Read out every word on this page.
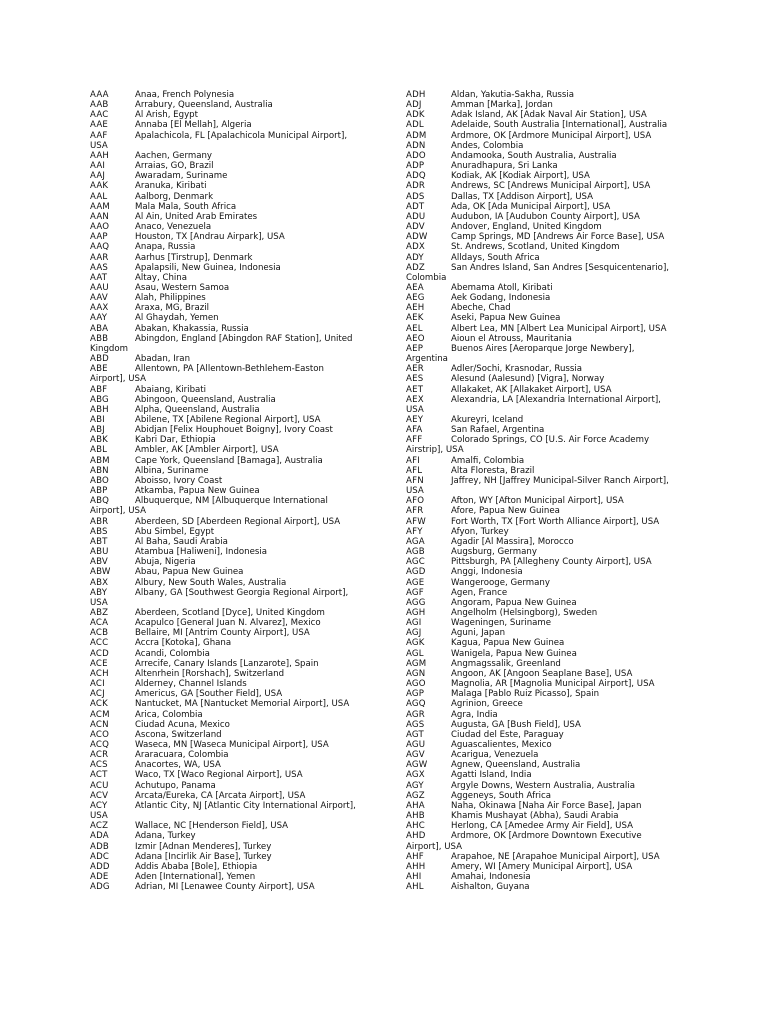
AAA	Anaa, French Polynesia
AAB	Arrabury, Queensland, Australia
AAC	Al Arish, Egypt
AAE	Annaba [El Mellah], Algeria
AAF	Apalachicola, FL [Apalachicola Municipal Airport],
USA
AAH	Aachen, Germany
AAI	Arraias, GO, Brazil
AAJ	Awaradam, Suriname
AAK	Aranuka, Kiribati
AAL	Aalborg, Denmark
AAM	Mala Mala, South Africa
AAN	Al Ain, United Arab Emirates
AAO	Anaco, Venezuela
AAP	Houston, TX [Andrau Airpark], USA
AAQ	Anapa, Russia
AAR	Aarhus [Tirstrup], Denmark
AAS	Apalapsili, New Guinea, Indonesia
AAT	Altay, China
AAU	Asau, Western Samoa
AAV	Alah, Philippines
AAX	Araxa, MG, Brazil
AAY	Al Ghaydah, Yemen
ABA	Abakan, Khakassia, Russia
ABB	Abingdon, England [Abingdon RAF Station], United
Kingdom
ABD	Abadan, Iran
ABE	Allentown, PA [Allentown-Bethlehem-Easton
Airport], USA
ABF	Abaiang, Kiribati
ABG	Abingoon, Queensland, Australia
ABH	Alpha, Queensland, Australia
ABI	Abilene, TX [Abilene Regional Airport], USA
ABJ	Abidjan [Felix Houphouet Boigny], Ivory Coast
ABK	Kabri Dar, Ethiopia
ABL	Ambler, AK [Ambler Airport], USA
ABM	Cape York, Queensland [Bamaga], Australia
ABN	Albina, Suriname
ABO	Aboisso, Ivory Coast
ABP	Atkamba, Papua New Guinea
ABQ	Albuquerque, NM [Albuquerque International
Airport], USA
ABR	Aberdeen, SD [Aberdeen Regional Airport], USA
ABS	Abu Simbel, Egypt
ABT	Al Baha, Saudi Arabia
ABU	Atambua [Haliweni], Indonesia
ABV	Abuja, Nigeria
ABW	Abau, Papua New Guinea
ABX	Albury, New South Wales, Australia
ABY	Albany, GA [Southwest Georgia Regional Airport],
USA
ABZ	Aberdeen, Scotland [Dyce], United Kingdom
ACA	Acapulco [General Juan N. Alvarez], Mexico
ACB	Bellaire, MI [Antrim County Airport], USA
ACC	Accra [Kotoka], Ghana
ACD	Acandi, Colombia
ACE	Arrecife, Canary Islands [Lanzarote], Spain
ACH	Altenrhein [Rorshach], Switzerland
ACI	Alderney, Channel Islands
ACJ	Americus, GA [Souther Field], USA
ACK	Nantucket, MA [Nantucket Memorial Airport], USA
ACM	Arica, Colombia
ACN	Ciudad Acuna, Mexico
ACO	Ascona, Switzerland
ACQ	Waseca, MN [Waseca Municipal Airport], USA
ACR	Araracuara, Colombia
ACS	Anacortes, WA, USA
ACT	Waco, TX [Waco Regional Airport], USA
ACU	Achutupo, Panama
ACV	Arcata/Eureka, CA [Arcata Airport], USA
ACY	Atlantic City, NJ [Atlantic City International Airport],
USA
ACZ	Wallace, NC [Henderson Field], USA
ADA	Adana, Turkey
ADB	Izmir [Adnan Menderes], Turkey
ADC	Adana [Incirlik Air Base], Turkey
ADD	Addis Ababa [Bole], Ethiopia
ADE	Aden [International], Yemen
ADG	Adrian, MI [Lenawee County Airport], USA
ADH	Aldan, Yakutia-Sakha, Russia
ADJ	Amman [Marka], Jordan
ADK	Adak Island, AK [Adak Naval Air Station], USA
ADL	Adelaide, South Australia [International], Australia
ADM	Ardmore, OK [Ardmore Municipal Airport], USA
ADN	Andes, Colombia
ADO	Andamooka, South Australia, Australia
ADP	Anuradhapura, Sri Lanka
ADQ	Kodiak, AK [Kodiak Airport], USA
ADR	Andrews, SC [Andrews Municipal Airport], USA
ADS	Dallas, TX [Addison Airport], USA
ADT	Ada, OK [Ada Municipal Airport], USA
ADU	Audubon, IA [Audubon County Airport], USA
ADV	Andover, England, United Kingdom
ADW	Camp Springs, MD [Andrews Air Force Base], USA
ADX	St. Andrews, Scotland, United Kingdom
ADY	Alldays, South Africa
ADZ	San Andres Island, San Andres [Sesquicentenario],
Colombia
AEA	Abemama Atoll, Kiribati
AEG	Aek Godang, Indonesia
AEH	Abeche, Chad
AEK	Aseki, Papua New Guinea
AEL	Albert Lea, MN [Albert Lea Municipal Airport], USA
AEO	Aioun el Atrouss, Mauritania
AEP	Buenos Aires [Aeroparque Jorge Newbery],
Argentina
AER	Adler/Sochi, Krasnodar, Russia
AES	Alesund (Aalesund) [Vigra], Norway
AET	Allakaket, AK [Allakaket Airport], USA
AEX	Alexandria, LA [Alexandria International Airport],
USA
AEY	Akureyri, Iceland
AFA	San Rafael, Argentina
AFF	Colorado Springs, CO [U.S. Air Force Academy
Airstrip], USA
AFI	Amalfi, Colombia
AFL	Alta Floresta, Brazil
AFN	Jaffrey, NH [Jaffrey Municipal-Silver Ranch Airport],
USA
AFO	Afton, WY [Afton Municipal Airport], USA
AFR	Afore, Papua New Guinea
AFW	Fort Worth, TX [Fort Worth Alliance Airport], USA
AFY	Afyon, Turkey
AGA	Agadir [Al Massira], Morocco
AGB	Augsburg, Germany
AGC	Pittsburgh, PA [Allegheny County Airport], USA
AGD	Anggi, Indonesia
AGE	Wangerooge, Germany
AGF	Agen, France
AGG	Angoram, Papua New Guinea
AGH	Angelholm (Helsingborg), Sweden
AGI	Wageningen, Suriname
AGJ	Aguni, Japan
AGK	Kagua, Papua New Guinea
AGL	Wanigela, Papua New Guinea
AGM	Angmagssalik, Greenland
AGN	Angoon, AK [Angoon Seaplane Base], USA
AGO	Magnolia, AR [Magnolia Municipal Airport], USA
AGP	Malaga [Pablo Ruiz Picasso], Spain
AGQ	Agrinion, Greece
AGR	Agra, India
AGS	Augusta, GA [Bush Field], USA
AGT	Ciudad del Este, Paraguay
AGU	Aguascalientes, Mexico
AGV	Acarigua, Venezuela
AGW	Agnew, Queensland, Australia
AGX	Agatti Island, India
AGY	Argyle Downs, Western Australia, Australia
AGZ	Aggeneys, South Africa
AHA	Naha, Okinawa [Naha Air Force Base], Japan
AHB	Khamis Mushayat (Abha), Saudi Arabia
AHC	Herlong, CA [Amedee Army Air Field], USA
AHD	Ardmore, OK [Ardmore Downtown Executive
Airport], USA
AHF	Arapahoe, NE [Arapahoe Municipal Airport], USA
AHH	Amery, WI [Amery Municipal Airport], USA
AHI	Amahai, Indonesia
AHL	Aishalton, Guyana
